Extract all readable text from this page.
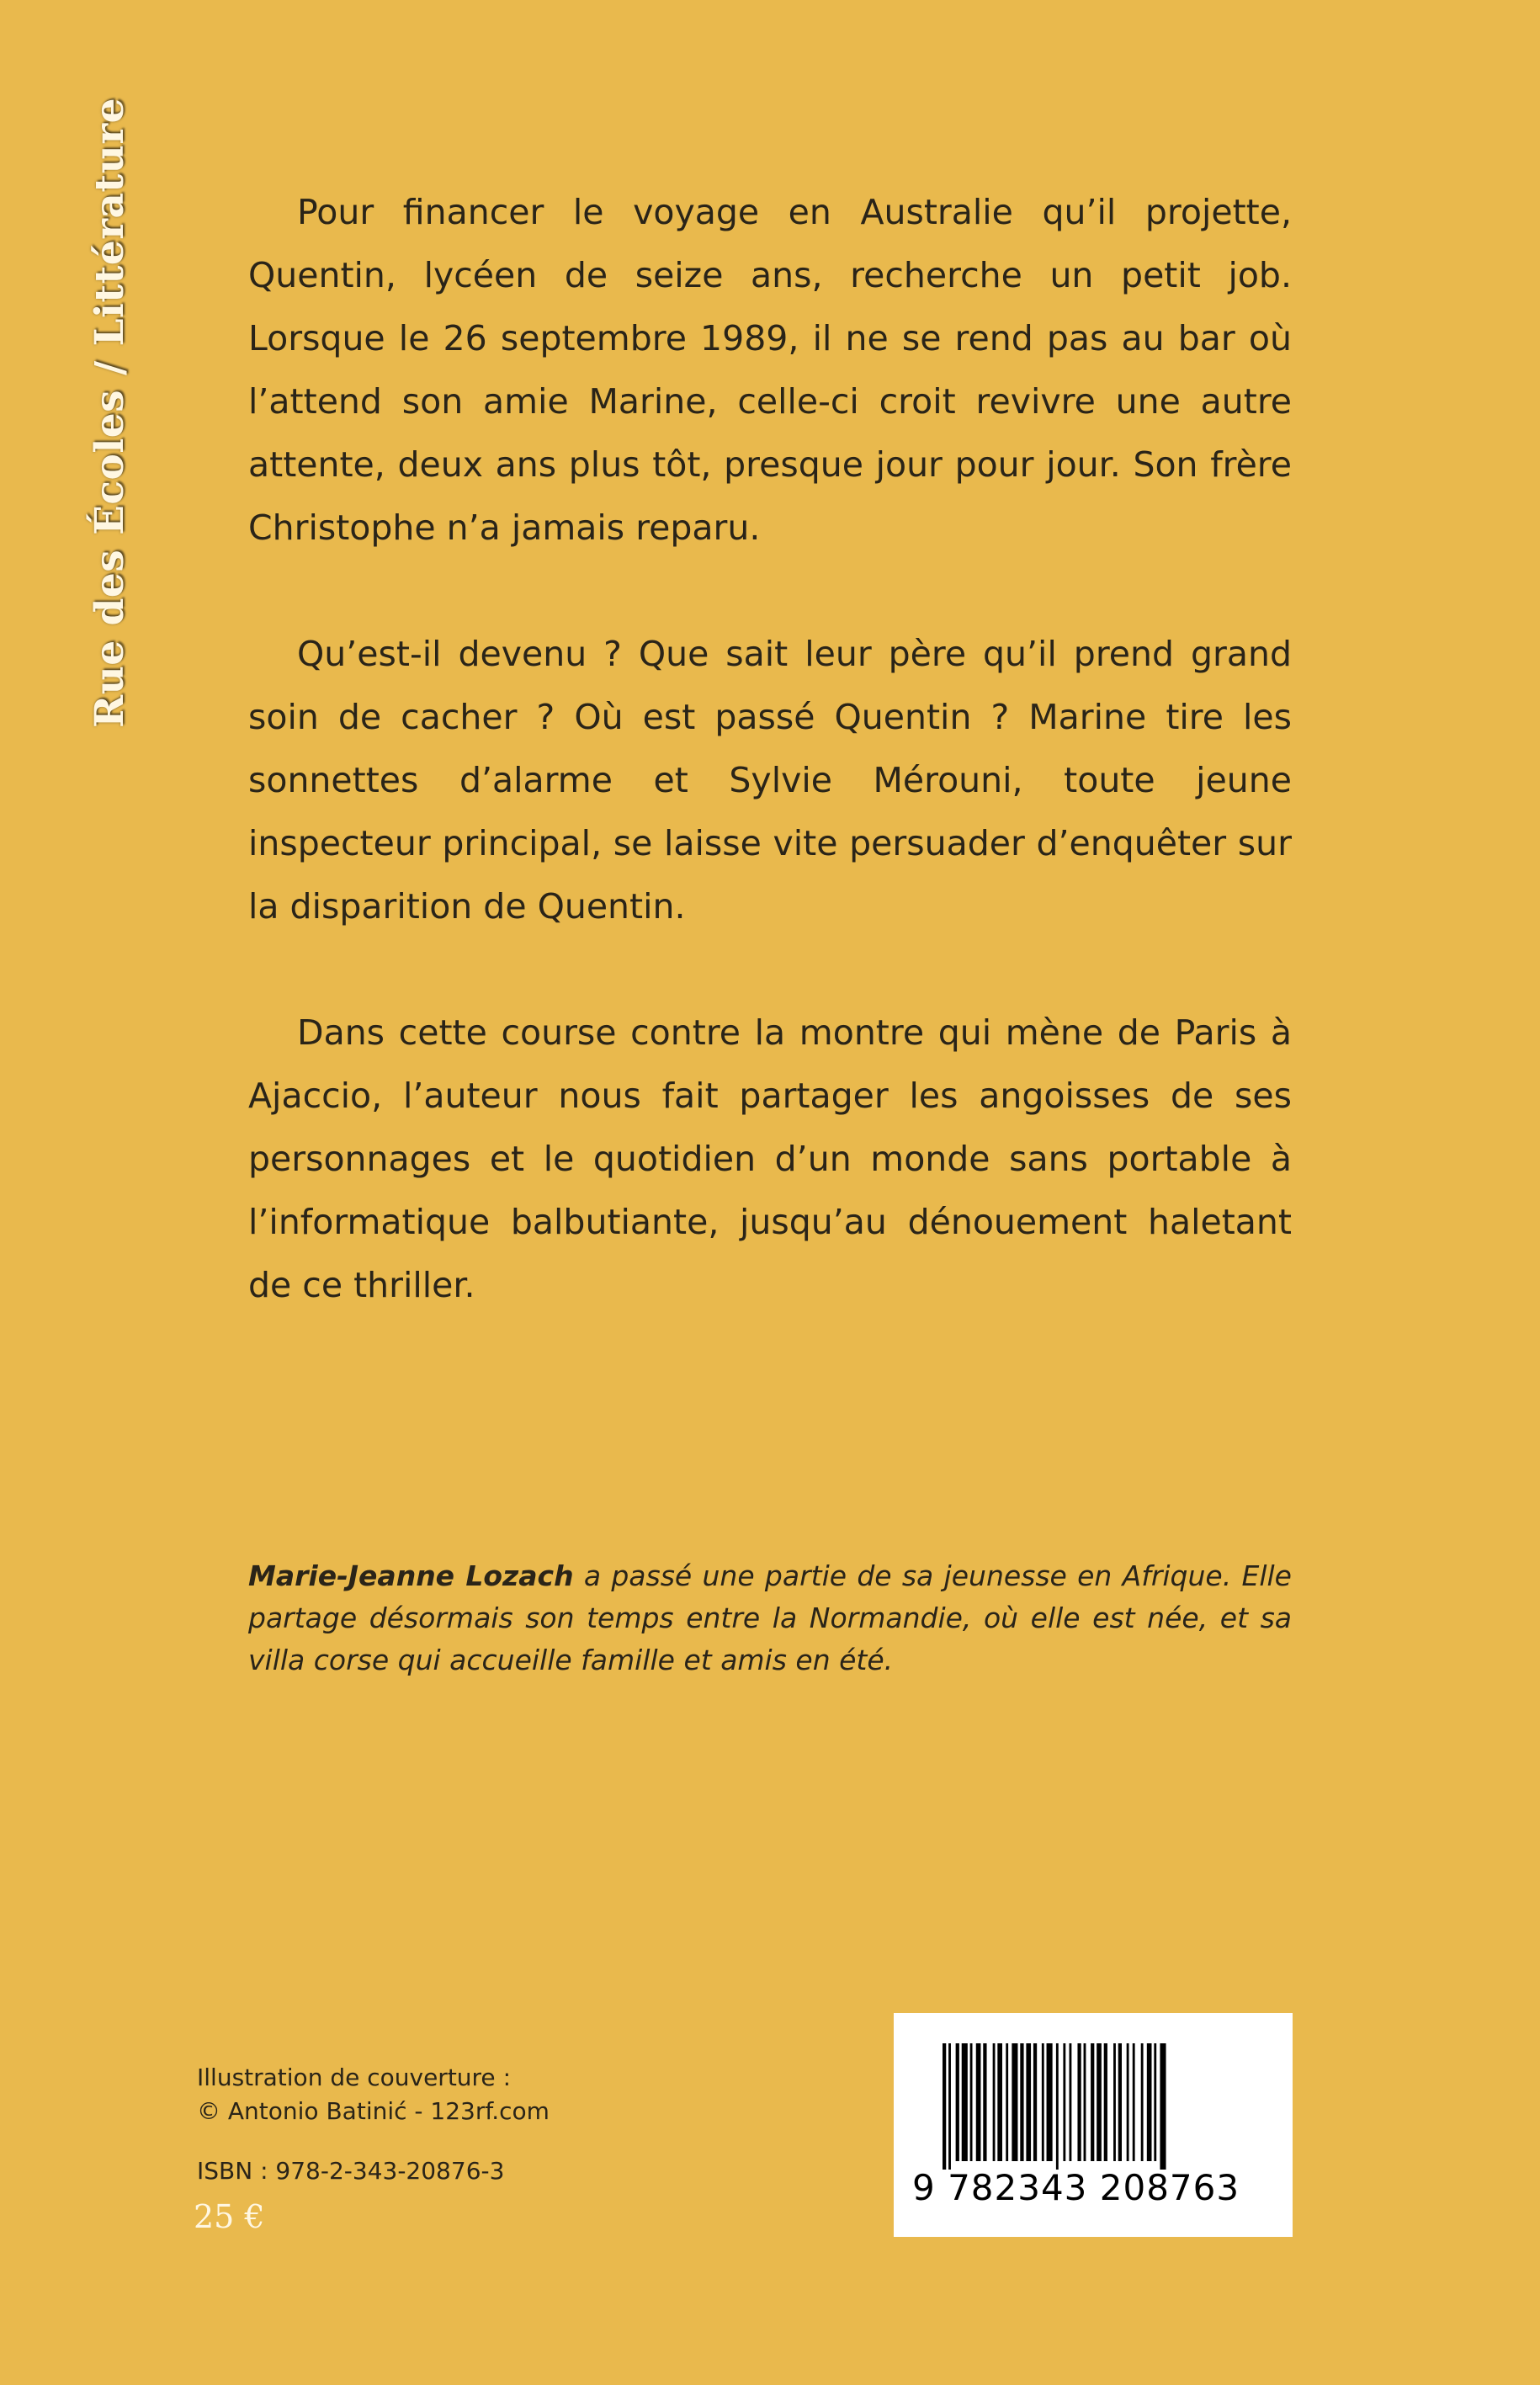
Rue des Écoles / Littérature	Pour financer le voyage en Australie qu’il projette, Quentin, lycéen de seize ans, recherche un petit job. Lorsque le 26 septembre 1989, il ne se rend pas au bar où l’attend son amie Marine, celle-ci croit revivre une autre attente, deux ans plus tôt, presque jour pour jour. Son frère Christophe n’a jamais reparu.

Qu’est-il devenu ? Que sait leur père qu’il prend grand soin de cacher ? Où est passé Quentin ? Marine tire les sonnettes d’alarme et Sylvie Mérouni, toute jeune inspecteur principal, se laisse vite persuader d’enquêter sur la disparition de Quentin.

Dans cette course contre la montre qui mène de Paris à Ajaccio, l’auteur nous fait partager les angoisses de ses personnages et le quotidien d’un monde sans portable à l’informatique balbutiante, jusqu’au dénouement haletant de ce thriller.

Marie-Jeanne Lozach a passé une partie de sa jeunesse en Afrique. Elle partage désormais son temps entre la Normandie, où elle est née, et sa villa corse qui accueille famille et amis en été.

Illustration de couverture :
© Antonio Batinić - 123rf.com
ISBN : 978-2-343-20876-3
25 €
9 782343 208763
